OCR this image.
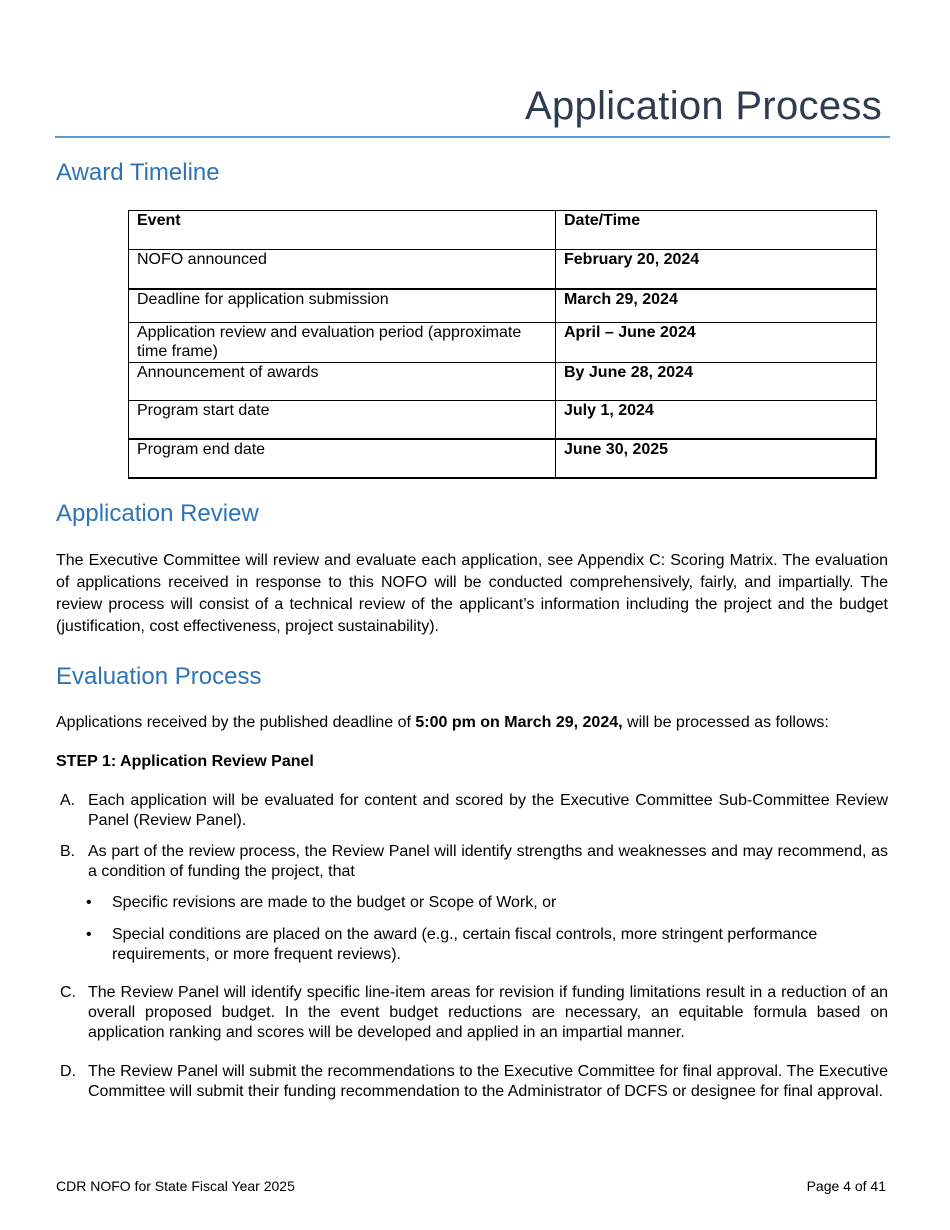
Application Process
Award Timeline
Event	Date/Time
NOFO announced	February 20, 2024
Deadline for application submission	March 29, 2024
Application review and evaluation period (approximate time frame)	April – June 2024
Announcement of awards	By June 28, 2024
Program start date	July 1, 2024
Program end date	June 30, 2025
Application Review
The Executive Committee will review and evaluate each application, see Appendix C: Scoring Matrix. The evaluation of applications received in response to this NOFO will be conducted comprehensively, fairly, and impartially. The review process will consist of a technical review of the applicant’s information including the project and the budget (justification, cost effectiveness, project sustainability).
Evaluation Process
Applications received by the published deadline of 5:00 pm on March 29, 2024, will be processed as follows:
STEP 1: Application Review Panel
A. Each application will be evaluated for content and scored by the Executive Committee Sub-Committee Review Panel (Review Panel).
B. As part of the review process, the Review Panel will identify strengths and weaknesses and may recommend, as a condition of funding the project, that
• Specific revisions are made to the budget or Scope of Work, or
• Special conditions are placed on the award (e.g., certain fiscal controls, more stringent performance requirements, or more frequent reviews).
C. The Review Panel will identify specific line-item areas for revision if funding limitations result in a reduction of an overall proposed budget. In the event budget reductions are necessary, an equitable formula based on application ranking and scores will be developed and applied in an impartial manner.
D. The Review Panel will submit the recommendations to the Executive Committee for final approval. The Executive Committee will submit their funding recommendation to the Administrator of DCFS or designee for final approval.
CDR NOFO for State Fiscal Year 2025	Page 4 of 41
